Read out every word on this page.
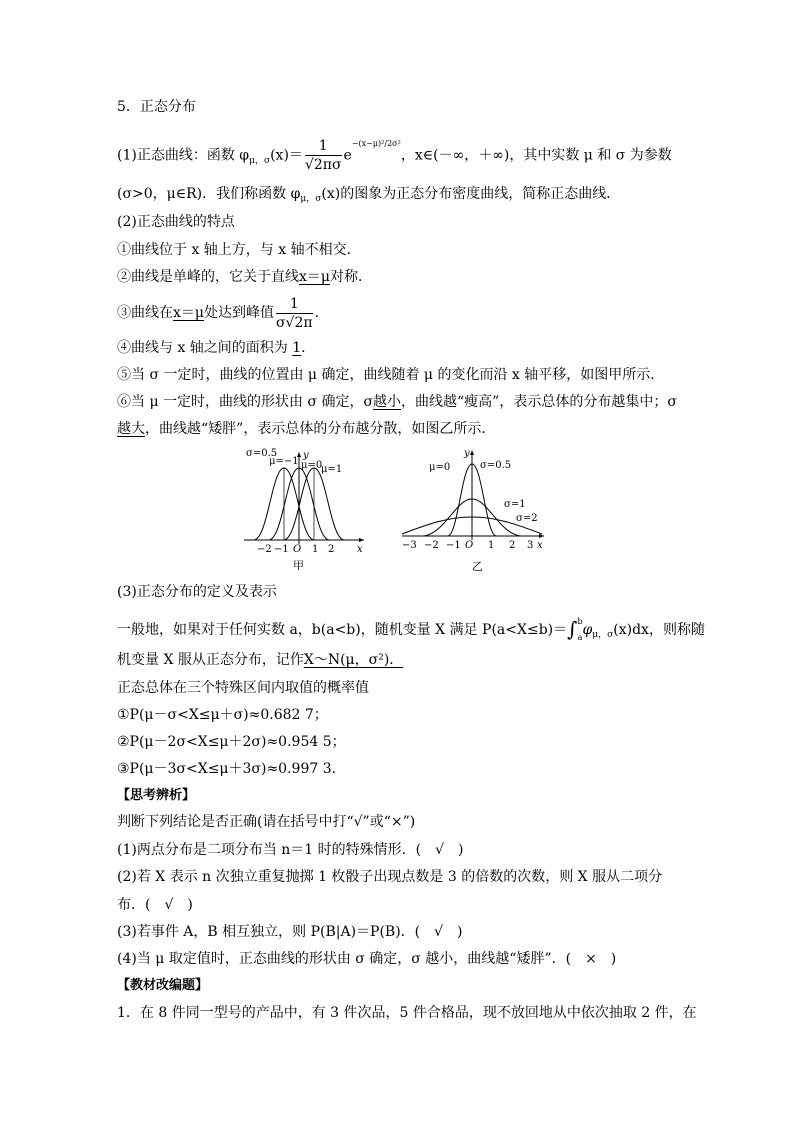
5．正态分布
(1)正态曲线：函数 $\varphi_{\mu,\sigma}(x)= \frac{1}{√2\pi\sigma} e^{-(x-\mu)^2/2\sigma^2}$，x∈(－∞，＋∞)，其中实数 μ 和 σ 为参数
(σ>0，μ∈R)．我们称函数 $\varphi_{\mu,\sigma}(x)$的图象为正态分布密度曲线，简称正态曲线．
(2)正态曲线的特点
①曲线位于 x 轴上方，与 x 轴不相交．
②曲线是单峰的，它关于直线x＝μ对称．
③曲线在x＝μ处达到峰值 $\frac{1}{\sigma√2\pi}$ .
④曲线与 x 轴之间的面积为 1.
⑤当 σ 一定时，曲线的位置由 μ 确定，曲线随着 μ 的变化而沿 x 轴平移，如图甲所示．
⑥当 μ 一定时，曲线的形状由 σ 确定，σ越小，曲线越“瘦高”，表示总体的分布越集中；σ
越大，曲线越“矮胖”，表示总体的分布越分散，如图乙所示．
σ=0.5
μ=−1 μ=0
μ=1
y
x
−2 −1 O 1 2
甲
μ=0	σ=0.5
σ=1
σ=2
y
x
−3 −2 −1 O 1 2 3
乙
(3)正态分布的定义及表示
一般地，如果对于任何实数 a，b(a<b)，随机变量 X 满足 $P(a<X\le b)=\int^b_a\varphi_{\mu,\sigma}(x)dx$，则称随
机变量 X 服从正态分布，记作X～N(μ，σ²)．
正态总体在三个特殊区间内取值的概率值
①P(μ－σ<X≤μ＋σ)≈0.682 7；
②P(μ－2σ<X≤μ＋2σ)≈0.954 5；
③P(μ－3σ<X≤μ＋3σ)≈0.997 3.
【思考辨析】
判断下列结论是否正确(请在括号中打“√”或“×”)
(1)两点分布是二项分布当 n＝1 时的特殊情形．(　√　)
(2)若 X 表示 n 次独立重复抛掷 1 枚骰子出现点数是 3 的倍数的次数，则 X 服从二项分
布．(　√　)
(3)若事件 A，B 相互独立，则 P(B|A)＝P(B)．(　√　)
(4)当 μ 取定值时，正态曲线的形状由 σ 确定，σ 越小，曲线越“矮胖”．(　×　)
【教材改编题】
1．在 8 件同一型号的产品中，有 3 件次品，5 件合格品，现不放回地从中依次抽取 2 件，在
